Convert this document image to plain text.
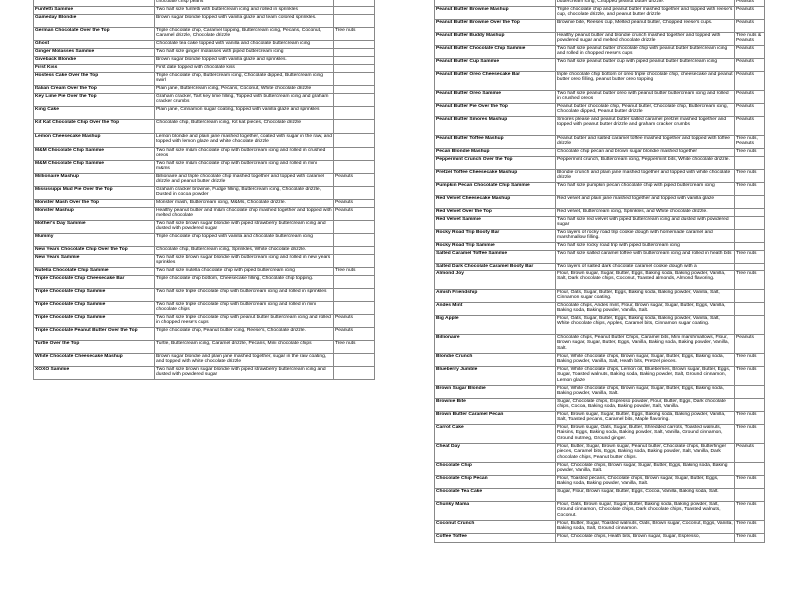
	chocolate crisp pearls	
Funfetti Sammie	Two half size funfetti with buttercream icing and rolled in sprinkles	
Gameday Blondie	Brown sugar blondie topped with vanilla glaze and team colored sprinkles.	
German Chocolate Over the Top	Triple chocolate chip, Caramel topping, Buttercream icing, Pecans, Coconut, Caramel drizzle, Chocolate drizzle	Tree nuts
Ghost	Chocolate tea cake topped with vanilla and chocolate buttercream icing	
Ginger Molasses Sammie	Two half size ginger molasses with piped buttercream icing	
Giveback Blondie	Brown sugar blondie topped with vanilla glaze and sprinkles.	
First Kiss	First date topped with chocolate kiss	
Hostess Cake Over the Top	Triple chocolate chip, Buttercream icing, Chocolate dipped, Buttercream icing swirl	
Italian Cream Over the Top	Plain jane, Buttercream icing, Pecans, Coconut, White chocolate drizzle	
Key Lime Pie Over the Top	Graham cracker, Tart key lime filling, Topped with buttercream icing and graham cracker crumbs	
King Cake	Plain jane, Cinnamon sugar coating, topped with vanilla glaze and sprinkles	
Kit Kat Chocolate Chip Over the Top	Chocolate chip, Buttercream icing, Kit kat pieces, Chocolate drizzle	
Lemon Cheesecake Mashup	Lemon blondie and plain jane mashed together, coated with sugar in the raw, and topped with lemon glaze and white chocolate drizzle	
M&M Chocolate Chip Sammie	Two half size m&m chocolate chip with buttercream icing and rolled in crushed oreos	
M&M Chocolate Chip Sammie	Two half size m&m chocolate chip with buttercream icing and rolled in mini m&ms	
Millionaire Mashup	Billionaire and triple chocolate chip mashed together and topped with caramel drizzle and peanut butter drizzle	Peanuts
Mississippi Mud Pie Over the Top	Graham cracker brownie, Fudge filling, Buttercream icing, Chocolate drizzle, Dusted in cocoa powder	
Monster Mash Over the Top	Monster mash, Buttercream icing, M&Ms, Chocolate drizzle.	Peanuts
Monster Mashup	Healthy peanut butter and m&m chocolate chip mashed together and topped with melted chocolate	Peanuts
Mother's Day Sammie	Two half size brown sugar blondie with piped strawberry buttercream icing and dusted with powdered sugar	
Mummy	Triple chocolate chip topped with vanilla and chocolate buttercream icing	
New Years Chocolate Chip Over the Top	Chocolate chip, Buttercream icing, Sprinkles, White chocolate drizzle.	
New Years Sammie	Two half size brown sugar blondie with buttercream icing and rolled in new years sprinkles	
Nutella Chocolate Chip Sammie	Two half size nutella chocolate chip with piped buttercream icing	Tree nuts
Triple Chocolate Chip Cheesecake Bar	Triple chocolate chip bottom, Cheesecake filling, Chocolate chip topping.	
Triple Chocolate Chip Sammie	Two half size triple chocolate chip with buttercream icing and rolled in sprinkles	
Triple Chocolate Chip Sammie	Two half size triple chocolate chip with buttercream icing and rolled in mini chocolate chips	
Triple Chocolate Chip Sammie	Two half size triple chocolate chip with peanut butter buttercream icing and rolled in chopped reese's cups	Peanuts
Triple Chocolate Peanut Butter Over the Top	Triple chocolate chip, Peanut butter icing, Reese's, Chocolate drizzle.	Peanuts
Turtle Over the Top	Turtle, Buttercream icing, Caramel drizzle, Pecans, Mini chocolate chips	Tree nuts
White Chocolate Cheesecake Mashup	Brown sugar blondie and plain jane mashed together, sugar in the raw coating, and topped with white chocolate drizzle	
XOXO Sammie	Two half size brown sugar blondie with piped strawberry buttercream icing and dusted with powdered sugar	
	buttercream icing, Chopped peanut butter drizzle.	Peanuts
Peanut Butter Brownie Mashup	Triple chocolate chip and peanut butter mashed together and topped with reese's cup, chocolate drizzle, and peanut butter drizzle	Peanuts
Peanut Butter Brownie Over the Top	Brownie bite, Reeses cup, Melted peanut butter, Chopped reese's cups.	Peanuts
Peanut Butter Buddy Mashup	Healthy peanut butter and blondie crunch mashed together and topped with powdered sugar and melted chocolate drizzle	Tree nuts & Peanuts
Peanut Butter Chocolate Chip Sammie	Two half size peanut butter chocolate chip with peanut butter buttercream icing and rolled in chopped reese's cups	Peanuts
Peanut Butter Cup Sammie	Two half size peanut butter cup with piped peanut butter buttercream icing	Peanuts
Peanut Butter Oreo Cheesecake Bar	triple chocolate chip bottom or oreo triple chocolate chip, cheesecake and peanut butter oreo filling, peanut butter oreo topping	Peanuts
Peanut Butter Oreo Sammie	Two half size peanut butter oreo with peanut butter buttercream icing and rolled in crushed oreos	Peanuts
Peanut Butter Pie Over the Top	Peanut butter chocolate chip, Peanut butter, Chocolate chip, Buttercream icing, Chocolate dipped, Peanut butter drizzle	Peanuts
Peanut Butter Smores Mashup	Smores please and peanut butter salted caramel pretzel mashed together and topped with peanut butter drizzle and graham cracker crumbs	Peanuts
Peanut Butter Toffee Mashup	Peanut butter and salted caramel toffee mashed together and topped with toffee drizzle	Tree nuts, Peanuts
Pecan Blondie Mashup	Chocolate chip pecan and brown sugar blondie mashed together	Tree nuts
Peppermint Crunch Over the Top	Peppermint crunch, Buttercream icing, Peppermint bits, White chocolate drizzle.	
Pretzel Toffee Cheesecake Mashup	Blondie crunch and plain jane mashed together and topped with white chocolate drizzle	Tree nuts
Pumpkin Pecan Chocolate Chip Sammie	Two half size pumpkin pecan chocolate chip with piped buttercream icing	Tree nuts
Red Velvet Cheesecake Mashup	Red velvet and plain jane mashed together and topped with vanilla glaze	
Red Velvet Over the Top	Red velvet, Buttercream icing, Sprinkles, and White chocolate drizzle.	
Red Velvet Sammie	Two half size red velvet with piped buttercream icing and dusted with powdered sugar	
Rocky Road Trip Booty Bar	Two layers of rocky road trip cookie dough with homemade caramel and marshmallow filling.	
Rocky Road Trip Sammie	Two half size rocky road trip with piped buttercream icing	
Salted Caramel Toffee Sammie	Two half size salted caramel toffee with buttercream icing and rolled in heath bits	Tree nuts
Salted Dark Chocolate Caramel Booty Bar	Two layers of salted dark chocolate caramel cookie dough with a	
Almond Joy	Flour, Brown sugar, Sugar, Butter, Eggs, Baking soda, Baking powder, Vanilla, Salt, Dark chocolate chips, Coconut, Toasted almonds, Almond flavoring.	Tree nuts
Amish Friendship	Flour, Oats, Sugar, Butter, Eggs, Baking soda, Baking powder, Vanilla, Salt, Cinnamon sugar coating.	
Andes Mint	Chocolate chips, Andes mint, Flour, Brown sugar, Sugar, Butter, Eggs, Vanilla, Baking soda, Baking powder, Vanilla, Salt.	
Big Apple	Flour, Oats, Sugar, Butter, Eggs, Baking soda, Baking powder, Vanilla, Salt, White chocolate chips, Apples, Caramel bits, Cinnamon sugar coating.	
Billionaire	Chocolate chips, Peanut Butter Chips, Caramel bits, Mini marshmallows, Flour, Brown sugar, Sugar, Butter, Eggs, Vanilla, Baking soda, Baking powder, Vanilla, Salt.	Peanuts
Blondie Crunch	Flour, White chocolate chips, Brown sugar, Sugar, Butter, Eggs, Baking soda, Baking powder, Vanilla, Salt, Heath bits, Pretzel pieces.	Tree nuts
Blueberry Jumble	Flour, White chocolate chips, Lemon oil, Blueberries, Brown sugar, Butter, Eggs, Sugar, Toasted walnuts, Baking soda, Baking powder, Salt, Ground cinnamon, Lemon glaze	Tree nuts
Brown Sugar Blondie	Flour, White chocolate chips, Brown sugar, Sugar, Butter, Eggs, Baking soda, Baking powder, Vanilla, Salt.	
Brownie Bite	Sugar, Chocolate chips, Espresso powder, Flour, Butter, Eggs, Dark chocolate chips, Cocoa, Baking soda, Baking powder, Salt, Vanilla.	
Brown Butter Caramel Pecan	Flour, Brown sugar, Sugar, Butter, Eggs, Baking soda, Baking powder, Vanilla, Salt, Toasted pecans, Caramel bits, Maple flavoring.	Tree nuts
Carrot Cake	Flour, Brown sugar, Oats, Sugar, Butter, Shredded carrots, Toasted walnuts, Raisins, Eggs, Baking soda, Baking powder, Salt, Vanilla, Ground cinnamon, Ground nutmeg, Ground ginger.	Tree nuts
Cheat Day	Flour, Butter, Sugar, Brown sugar, Peanut butter, Chocolate chips, Butterfinger pieces, Caramel bits, Eggs, Baking soda, Baking powder, Salt, Vanilla, Dark chocolate chips, Peanut butter chips.	Peanuts
Chocolate Chip	Flour, Chocolate chips, Brown sugar, Sugar, Butter, Eggs, Baking soda, Baking powder, Vanilla, Salt.	
Chocolate Chip Pecan	Flour, Toasted pecans, Chocolate chips, Brown sugar, Sugar, Butter, Eggs, Baking soda, Baking powder, Vanilla, Salt.	Tree nuts
Chocolate Tea Cake	Sugar, Flour, Brown sugar, Butter, Eggs, Cocoa, Vanilla, Baking soda, Salt.	
Chunky Mama	Flour, Oats, Brown sugar, Sugar, Butter, Baking soda, Baking powder, Salt, Ground cinnamon, Chocolate chips, Dark chocolate chips, Toasted walnuts, Coconut.	Tree nuts
Coconut Crunch	Flour, Butter, Sugar, Toasted walnuts, Oats, Brown sugar, Coconut, Eggs, Vanilla, Baking soda, Salt, Ground cinnamon.	Tree nuts
Coffee Toffee	Flour, Chocolate chips, Heath bits, Brown sugar, Sugar, Espresso,	Tree nuts
